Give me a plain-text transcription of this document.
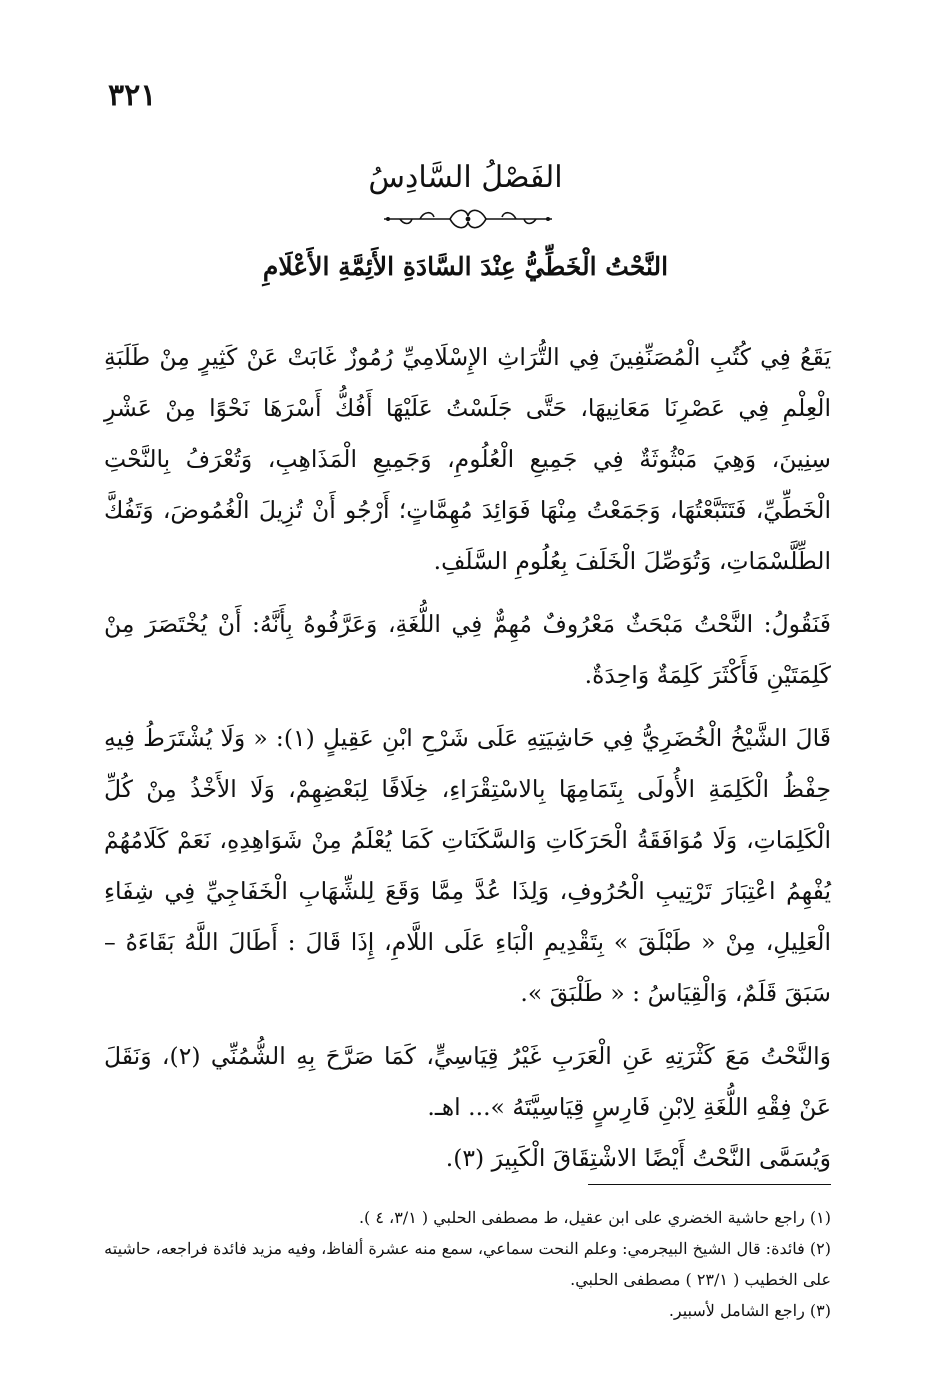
٣٢١
الفَصْلُ السَّادِسُ
النَّحْتُ الْخَطِّيُّ عِنْدَ السَّادَةِ الأَئِمَّةِ الأَعْلَامِ

يَقَعُ فِي كُتُبِ الْمُصَنِّفِينَ فِي التُّرَاثِ الإِسْلَامِيِّ رُمُوزٌ غَابَتْ عَنْ كَثِيرٍ مِنْ طَلَبَةِ الْعِلْمِ فِي عَصْرِنَا مَعَانِيهَا، حَتَّى جَلَسْتُ عَلَيْهَا أَفُكُّ أَسْرَهَا نَحْوًا مِنْ عَشْرِ سِنِينَ، وَهِيَ مَبْثُوثَةٌ فِي جَمِيعِ الْعُلُومِ، وَجَمِيعِ الْمَذَاهِبِ، وَتُعْرَفُ بِالنَّحْتِ الْخَطِّيِّ، فَتَتَبَّعْتُهَا، وَجَمَعْتُ مِنْهَا فَوَائِدَ مُهِمَّاتٍ؛ أَرْجُو أَنْ تُزِيلَ الْغُمُوضَ، وَتَفُكَّ الطِّلَّسْمَاتِ، وَتُوَصِّلَ الْخَلَفَ بِعُلُومِ السَّلَفِ.

فَنَقُولُ: النَّحْتُ مَبْحَثٌ مَعْرُوفٌ مُهِمٌّ فِي اللُّغَةِ، وَعَرَّفُوهُ بِأَنَّهُ: أَنْ يُخْتَصَرَ مِنْ كَلِمَتَيْنِ فَأَكْثَرَ كَلِمَةٌ وَاحِدَةٌ.

قَالَ الشَّيْخُ الْخُضَرِيُّ فِي حَاشِيَتِهِ عَلَى شَرْحِ ابْنِ عَقِيلٍ (١): « وَلَا يُشْتَرَطُ فِيهِ حِفْظُ الْكَلِمَةِ الأُولَى بِتَمَامِهَا بِالاسْتِقْرَاءِ، خِلَافًا لِبَعْضِهِمْ، وَلَا الأَخْذُ مِنْ كُلِّ الْكَلِمَاتِ، وَلَا مُوَافَقَةُ الْحَرَكَاتِ وَالسَّكَنَاتِ كَمَا يُعْلَمُ مِنْ شَوَاهِدِهِ، نَعَمْ كَلَامُهُمْ يُفْهِمُ اعْتِبَارَ تَرْتِيبِ الْحُرُوفِ، وَلِذَا عُدَّ مِمَّا وَقَعَ لِلشِّهَابِ الْخَفَاجِيِّ فِي شِفَاءِ الْعَلِيلِ، مِنْ « طَبْلَقَ » بِتَقْدِيمِ الْبَاءِ عَلَى اللَّامِ، إِذَا قَالَ : أَطَالَ اللَّهُ بَقَاءَهُ – سَبَقَ قَلَمٌ، وَالْقِيَاسُ : « طَلْبَقَ ».

وَالنَّحْتُ مَعَ كَثْرَتِهِ عَنِ الْعَرَبِ غَيْرُ قِيَاسِيٍّ، كَمَا صَرَّحَ بِهِ الشُّمُنِّي (٢)، وَنَقَلَ عَنْ فِقْهِ اللُّغَةِ لِابْنِ فَارِسٍ قِيَاسِيَّتَهُ »... اهـ.

وَيُسَمَّى النَّحْتُ أَيْضًا الاشْتِقَاقَ الْكَبِيرَ (٣).

(١) راجع حاشية الخضري على ابن عقيل، ط مصطفى الحلبي ( ٣/١، ٤ ).

(٢) فائدة: قال الشيخ البيجرمي: وعلم النحت سماعي، سمع منه عشرة ألفاظ، وفيه مزيد فائدة فراجعه، حاشيته على الخطيب ( ٢٣/١ ) مصطفى الحلبي.

(٣) راجع الشامل لأسبير.
